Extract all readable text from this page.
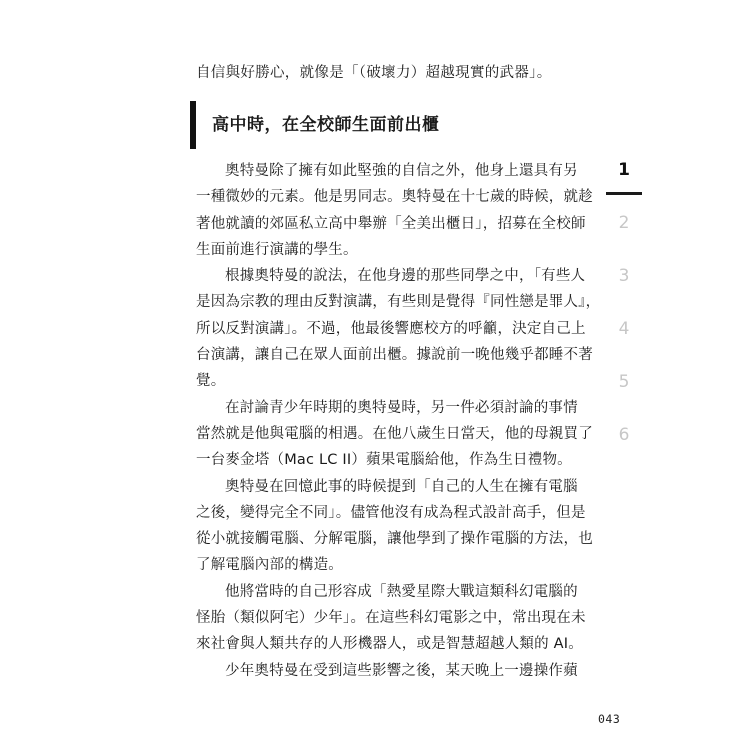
自信與好勝心，就像是「（破壞力）超越現實的武器」。
高中時，在全校師生面前出櫃
奧特曼除了擁有如此堅強的自信之外，他身上還具有另
一種微妙的元素。他是男同志。奧特曼在十七歲的時候，就趁
著他就讀的郊區私立高中舉辦「全美出櫃日」，招募在全校師
生面前進行演講的學生。
根據奧特曼的說法，在他身邊的那些同學之中，「有些人
是因為宗教的理由反對演講，有些則是覺得『同性戀是罪人』，
所以反對演講」。不過，他最後響應校方的呼籲，決定自己上
台演講，讓自己在眾人面前出櫃。據說前一晚他幾乎都睡不著
覺。
在討論青少年時期的奧特曼時，另一件必須討論的事情
當然就是他與電腦的相遇。在他八歲生日當天，他的母親買了
一台麥金塔（Mac LC II）蘋果電腦給他，作為生日禮物。
奧特曼在回憶此事的時候提到「自己的人生在擁有電腦
之後，變得完全不同」。儘管他沒有成為程式設計高手，但是
從小就接觸電腦、分解電腦，讓他學到了操作電腦的方法，也
了解電腦內部的構造。
他將當時的自己形容成「熱愛星際大戰這類科幻電腦的
怪胎（類似阿宅）少年」。在這些科幻電影之中，常出現在未
來社會與人類共存的人形機器人，或是智慧超越人類的 AI。
少年奧特曼在受到這些影響之後，某天晚上一邊操作蘋
1
2
3
4
5
6
043
